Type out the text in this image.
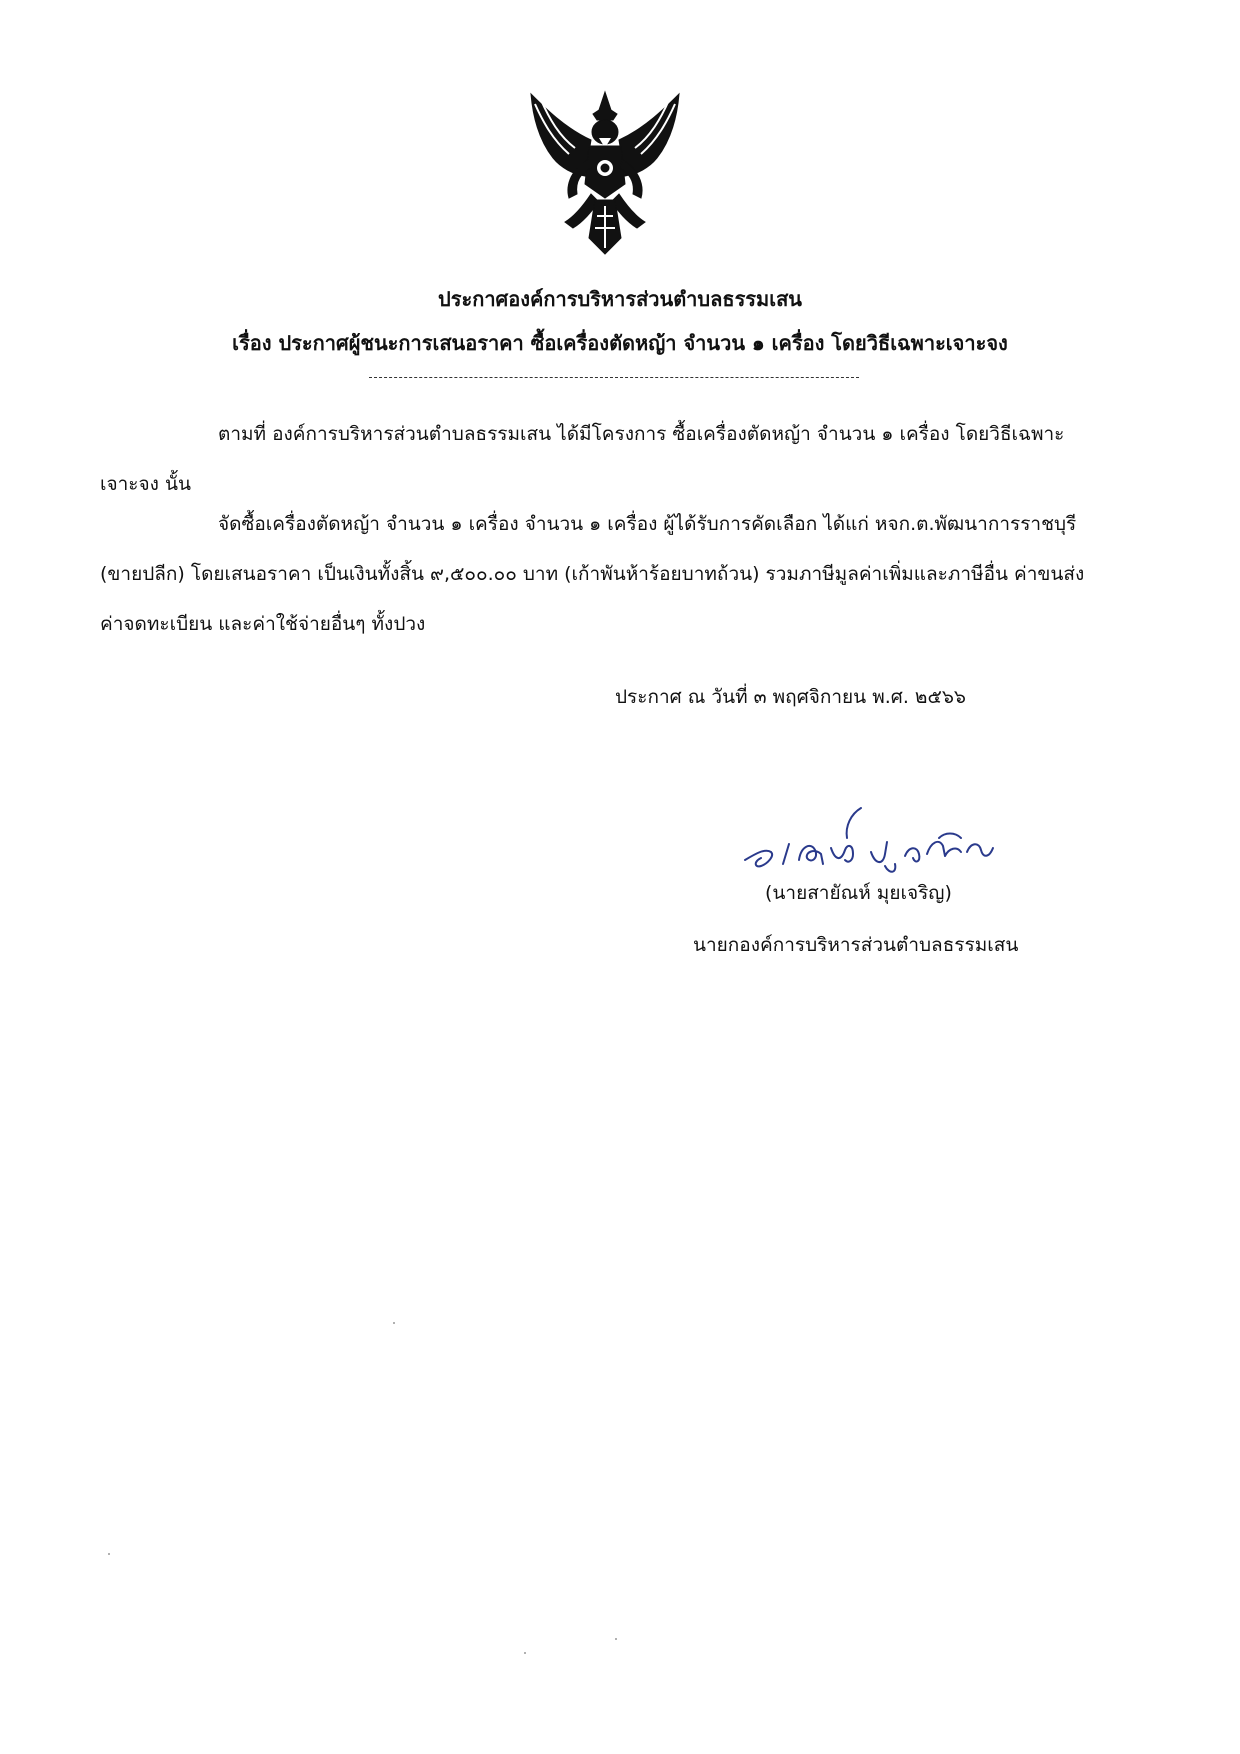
ประกาศองค์การบริหารส่วนตำบลธรรมเสน
เรื่อง ประกาศผู้ชนะการเสนอราคา ซื้อเครื่องตัดหญ้า จำนวน ๑ เครื่อง โดยวิธีเฉพาะเจาะจง
ตามที่ องค์การบริหารส่วนตำบลธรรมเสน ได้มีโครงการ ซื้อเครื่องตัดหญ้า จำนวน ๑ เครื่อง โดยวิธีเฉพาะเจาะจง นั้น
จัดซื้อเครื่องตัดหญ้า จำนวน ๑ เครื่อง จำนวน ๑ เครื่อง ผู้ได้รับการคัดเลือก ได้แก่ หจก.ต.พัฒนาการราชบุรี (ขายปลีก) โดยเสนอราคา เป็นเงินทั้งสิ้น ๙,๕๐๐.๐๐ บาท (เก้าพันห้าร้อยบาทถ้วน) รวมภาษีมูลค่าเพิ่มและภาษีอื่น ค่าขนส่ง ค่าจดทะเบียน และค่าใช้จ่ายอื่นๆ ทั้งปวง
ประกาศ ณ วันที่ ๓ พฤศจิกายน พ.ศ. ๒๕๖๖
(นายสายัณห์ มุยเจริญ)
นายกองค์การบริหารส่วนตำบลธรรมเสน
